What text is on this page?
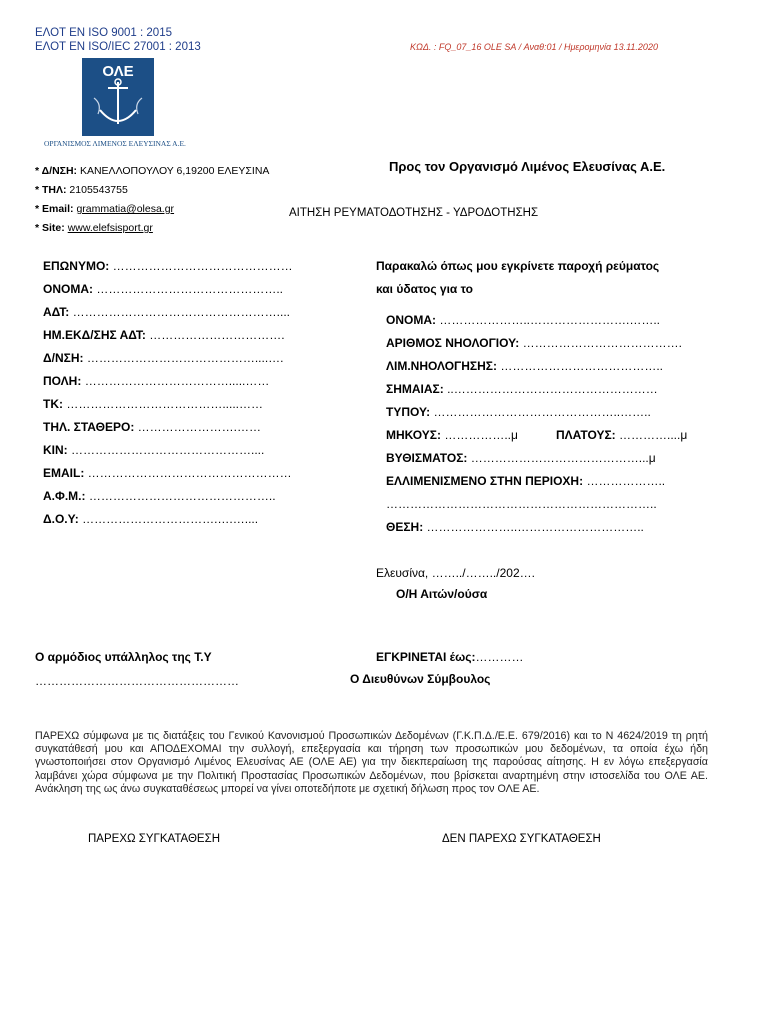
ΕΛΟΤ EN ISO 9001 : 2015
ΕΛΟΤ EN ISO/IEC 27001 : 2013	ΚΩΔ. : FQ_07_16 OLE SA / Αναθ:01 / Ημερομηνία 13.11.2020
ΟΛΕ
ΟΡΓΑΝΙΣΜΟΣ ΛΙΜΕΝΟΣ ΕΛΕΥΣΙΝΑΣ Α.Ε.
* Δ/ΝΣΗ: ΚΑΝΕΛΛΟΠΟΥΛΟΥ 6,19200 ΕΛΕΥΣΙΝΑ
* ΤΗΛ: 2105543755
* Email: grammatia@olesa.gr
* Site: www.elefsisport.gr
Προς τον Οργανισμό Λιμένος Ελευσίνας Α.Ε.
ΑΙΤΗΣΗ ΡΕΥΜΑΤΟΔΟΤΗΣΗΣ - ΥΔΡΟΔΟΤΗΣΗΣ
ΕΠΩΝΥΜΟ: ………………………………………
ΟΝΟΜΑ: ………………………………………..
ΑΔΤ: ……………………………………………....
ΗΜ.ΕΚΔ/ΣΗΣ ΑΔΤ: …………………………….
Δ/ΝΣΗ: ……………………………………....….
ΠΟΛΗ: ……………………………….....……
ΤΚ: ………………………………….....……
ΤΗΛ. ΣΤΑΘΕΡΟ: …………………….……
ΚΙΝ: ………………………………………....
EMAIL: ……………………………………………
Α.Φ.Μ.: ………………………………………..
Δ.Ο.Υ: …………………………….….…....
Παρακαλώ όπως μου εγκρίνετε παροχή ρεύματος
και ύδατος για το
ΟΝΟΜΑ: …………………..…………………….……..
ΑΡΙΘΜΟΣ ΝΗΟΛΟΓΙΟΥ: ………………………………….
ΛΙΜ.ΝΗΟΛΟΓΗΣΗΣ: …………………………………..
ΣΗΜΑΙΑΣ: ..……………………………………………
ΤΥΠΟΥ: ………………………………………..……..
ΜΗΚΟΥΣ: ……………..μ	ΠΛΑΤΟΥΣ: …………....μ
ΒΥΘΙΣΜΑΤΟΣ: ……………………………………...μ
ΕΛΛΙΜΕΝΙΣΜΕΝΟ ΣΤΗΝ ΠΕΡΙΟΧΗ: ………………..
…………………………………………………………..
ΘΕΣΗ: …………………..…………………………..
Ελευσίνα, ……../……../202….
Ο/Η Αιτών/ούσα
Ο αρμόδιος υπάλληλος της Τ.Υ
……………………………………………
ΕΓΚΡΙΝΕΤΑΙ έως:…………
Ο Διευθύνων Σύμβουλος
ΠΑΡΕΧΩ σύμφωνα με τις διατάξεις του Γενικού Κανονισμού Προσωπικών Δεδομένων (Γ.Κ.Π.Δ./Ε.Ε. 679/2016) και το Ν 4624/2019 τη ρητή συγκατάθεσή μου και ΑΠΟΔΕΧΟΜΑΙ την συλλογή, επεξεργασία και τήρηση των προσωπικών μου δεδομένων, τα οποία έχω ήδη γνωστοποιήσει στον Οργανισμό Λιμένος Ελευσίνας ΑΕ (ΟΛΕ ΑΕ) για την διεκπεραίωση της παρούσας αίτησης. Η εν λόγω επεξεργασία λαμβάνει χώρα σύμφωνα με την Πολιτική Προστασίας Προσωπικών Δεδομένων, που βρίσκεται αναρτημένη στην ιστοσελίδα του ΟΛΕ ΑΕ. Ανάκληση της ως άνω συγκαταθέσεως μπορεί να γίνει οποτεδήποτε με σχετική δήλωση προς τον ΟΛΕ ΑΕ.
ΠΑΡΕΧΩ ΣΥΓΚΑΤΑΘΕΣΗ	ΔΕΝ ΠΑΡΕΧΩ ΣΥΓΚΑΤΑΘΕΣΗ
